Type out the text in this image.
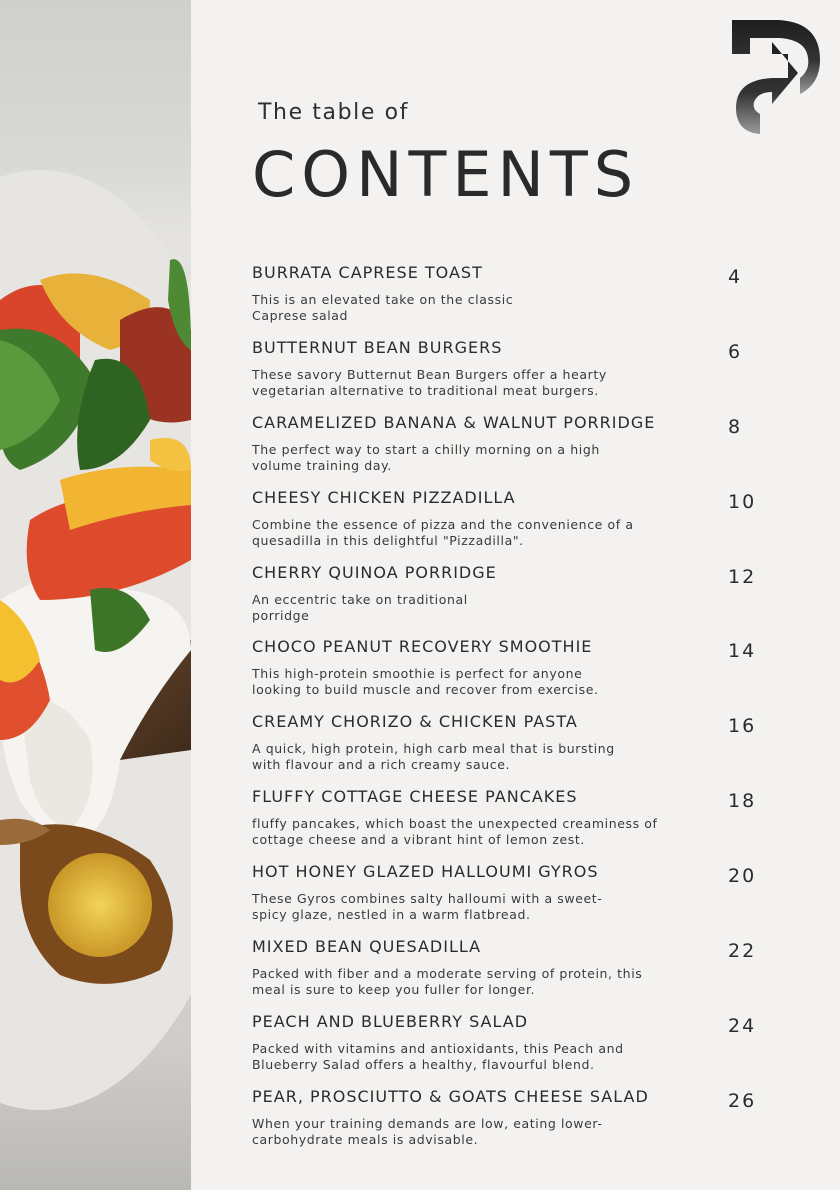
The table of
CONTENTS
BURRATA CAPRESE TOAST
This is an elevated take on the classic
Caprese salad
4
BUTTERNUT BEAN BURGERS
These savory Butternut Bean Burgers offer a hearty
vegetarian alternative to traditional meat burgers.
6
CARAMELIZED BANANA & WALNUT PORRIDGE
The perfect way to start a chilly morning on a high
volume training day.
8
CHEESY CHICKEN PIZZADILLA
Combine the essence of pizza and the convenience of a
quesadilla in this delightful "Pizzadilla".
10
CHERRY QUINOA PORRIDGE
An eccentric take on traditional
porridge
12
CHOCO PEANUT RECOVERY SMOOTHIE
This high-protein smoothie is perfect for anyone
looking to build muscle and recover from exercise.
14
CREAMY CHORIZO & CHICKEN PASTA
A quick, high protein, high carb meal that is bursting
with flavour and a rich creamy sauce.
16
FLUFFY COTTAGE CHEESE PANCAKES
fluffy pancakes, which boast the unexpected creaminess of
cottage cheese and a vibrant hint of lemon zest.
18
HOT HONEY GLAZED HALLOUMI GYROS
These Gyros combines salty halloumi with a sweet-
spicy glaze, nestled in a warm flatbread.
20
MIXED BEAN QUESADILLA
Packed with fiber and a moderate serving of protein, this
meal is sure to keep you fuller for longer.
22
PEACH AND BLUEBERRY SALAD
Packed with vitamins and antioxidants, this Peach and
Blueberry Salad offers a healthy, flavourful blend.
24
PEAR, PROSCIUTTO & GOATS CHEESE SALAD
When your training demands are low, eating lower-
carbohydrate meals is advisable.
26
